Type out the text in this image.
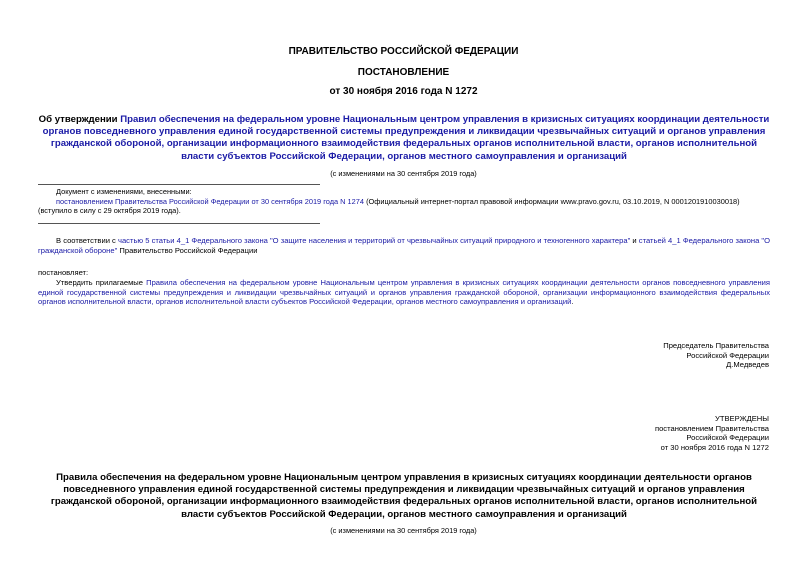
ПРАВИТЕЛЬСТВО РОССИЙСКОЙ ФЕДЕРАЦИИ
ПОСТАНОВЛЕНИЕ
от 30 ноября 2016 года N 1272
Об утверждении Правил обеспечения на федеральном уровне Национальным центром управления в кризисных ситуациях координации деятельности органов повседневного управления единой государственной системы предупреждения и ликвидации чрезвычайных ситуаций и органов управления гражданской обороной, организации информационного взаимодействия федеральных органов исполнительной власти, органов исполнительной власти субъектов Российской Федерации, органов местного самоуправления и организаций
(с изменениями на 30 сентября 2019 года)
Документ с изменениями, внесенными:
постановлением Правительства Российской Федерации от 30 сентября 2019 года N 1274 (Официальный интернет-портал правовой информации www.pravo.gov.ru, 03.10.2019, N 0001201910030018) (вступило в силу с 29 октября 2019 года).
В соответствии с частью 5 статьи 4_1 Федерального закона "О защите населения и территорий от чрезвычайных ситуаций природного и техногенного характера" и статьей 4_1 Федерального закона "О гражданской обороне" Правительство Российской Федерации
постановляет:
Утвердить прилагаемые Правила обеспечения на федеральном уровне Национальным центром управления в кризисных ситуациях координации деятельности органов повседневного управления единой государственной системы предупреждения и ликвидации чрезвычайных ситуаций и органов управления гражданской обороной, организации информационного взаимодействия федеральных органов исполнительной власти, органов исполнительной власти субъектов Российской Федерации, органов местного самоуправления и организаций.
Председатель Правительства
Российской Федерации
Д.Медведев
УТВЕРЖДЕНЫ
постановлением Правительства
Российской Федерации
от 30 ноября 2016 года N 1272
Правила обеспечения на федеральном уровне Национальным центром управления в кризисных ситуациях координации деятельности органов повседневного управления единой государственной системы предупреждения и ликвидации чрезвычайных ситуаций и органов управления гражданской обороной, организации информационного взаимодействия федеральных органов исполнительной власти, органов исполнительной власти субъектов Российской Федерации, органов местного самоуправления и организаций
(с изменениями на 30 сентября 2019 года)
